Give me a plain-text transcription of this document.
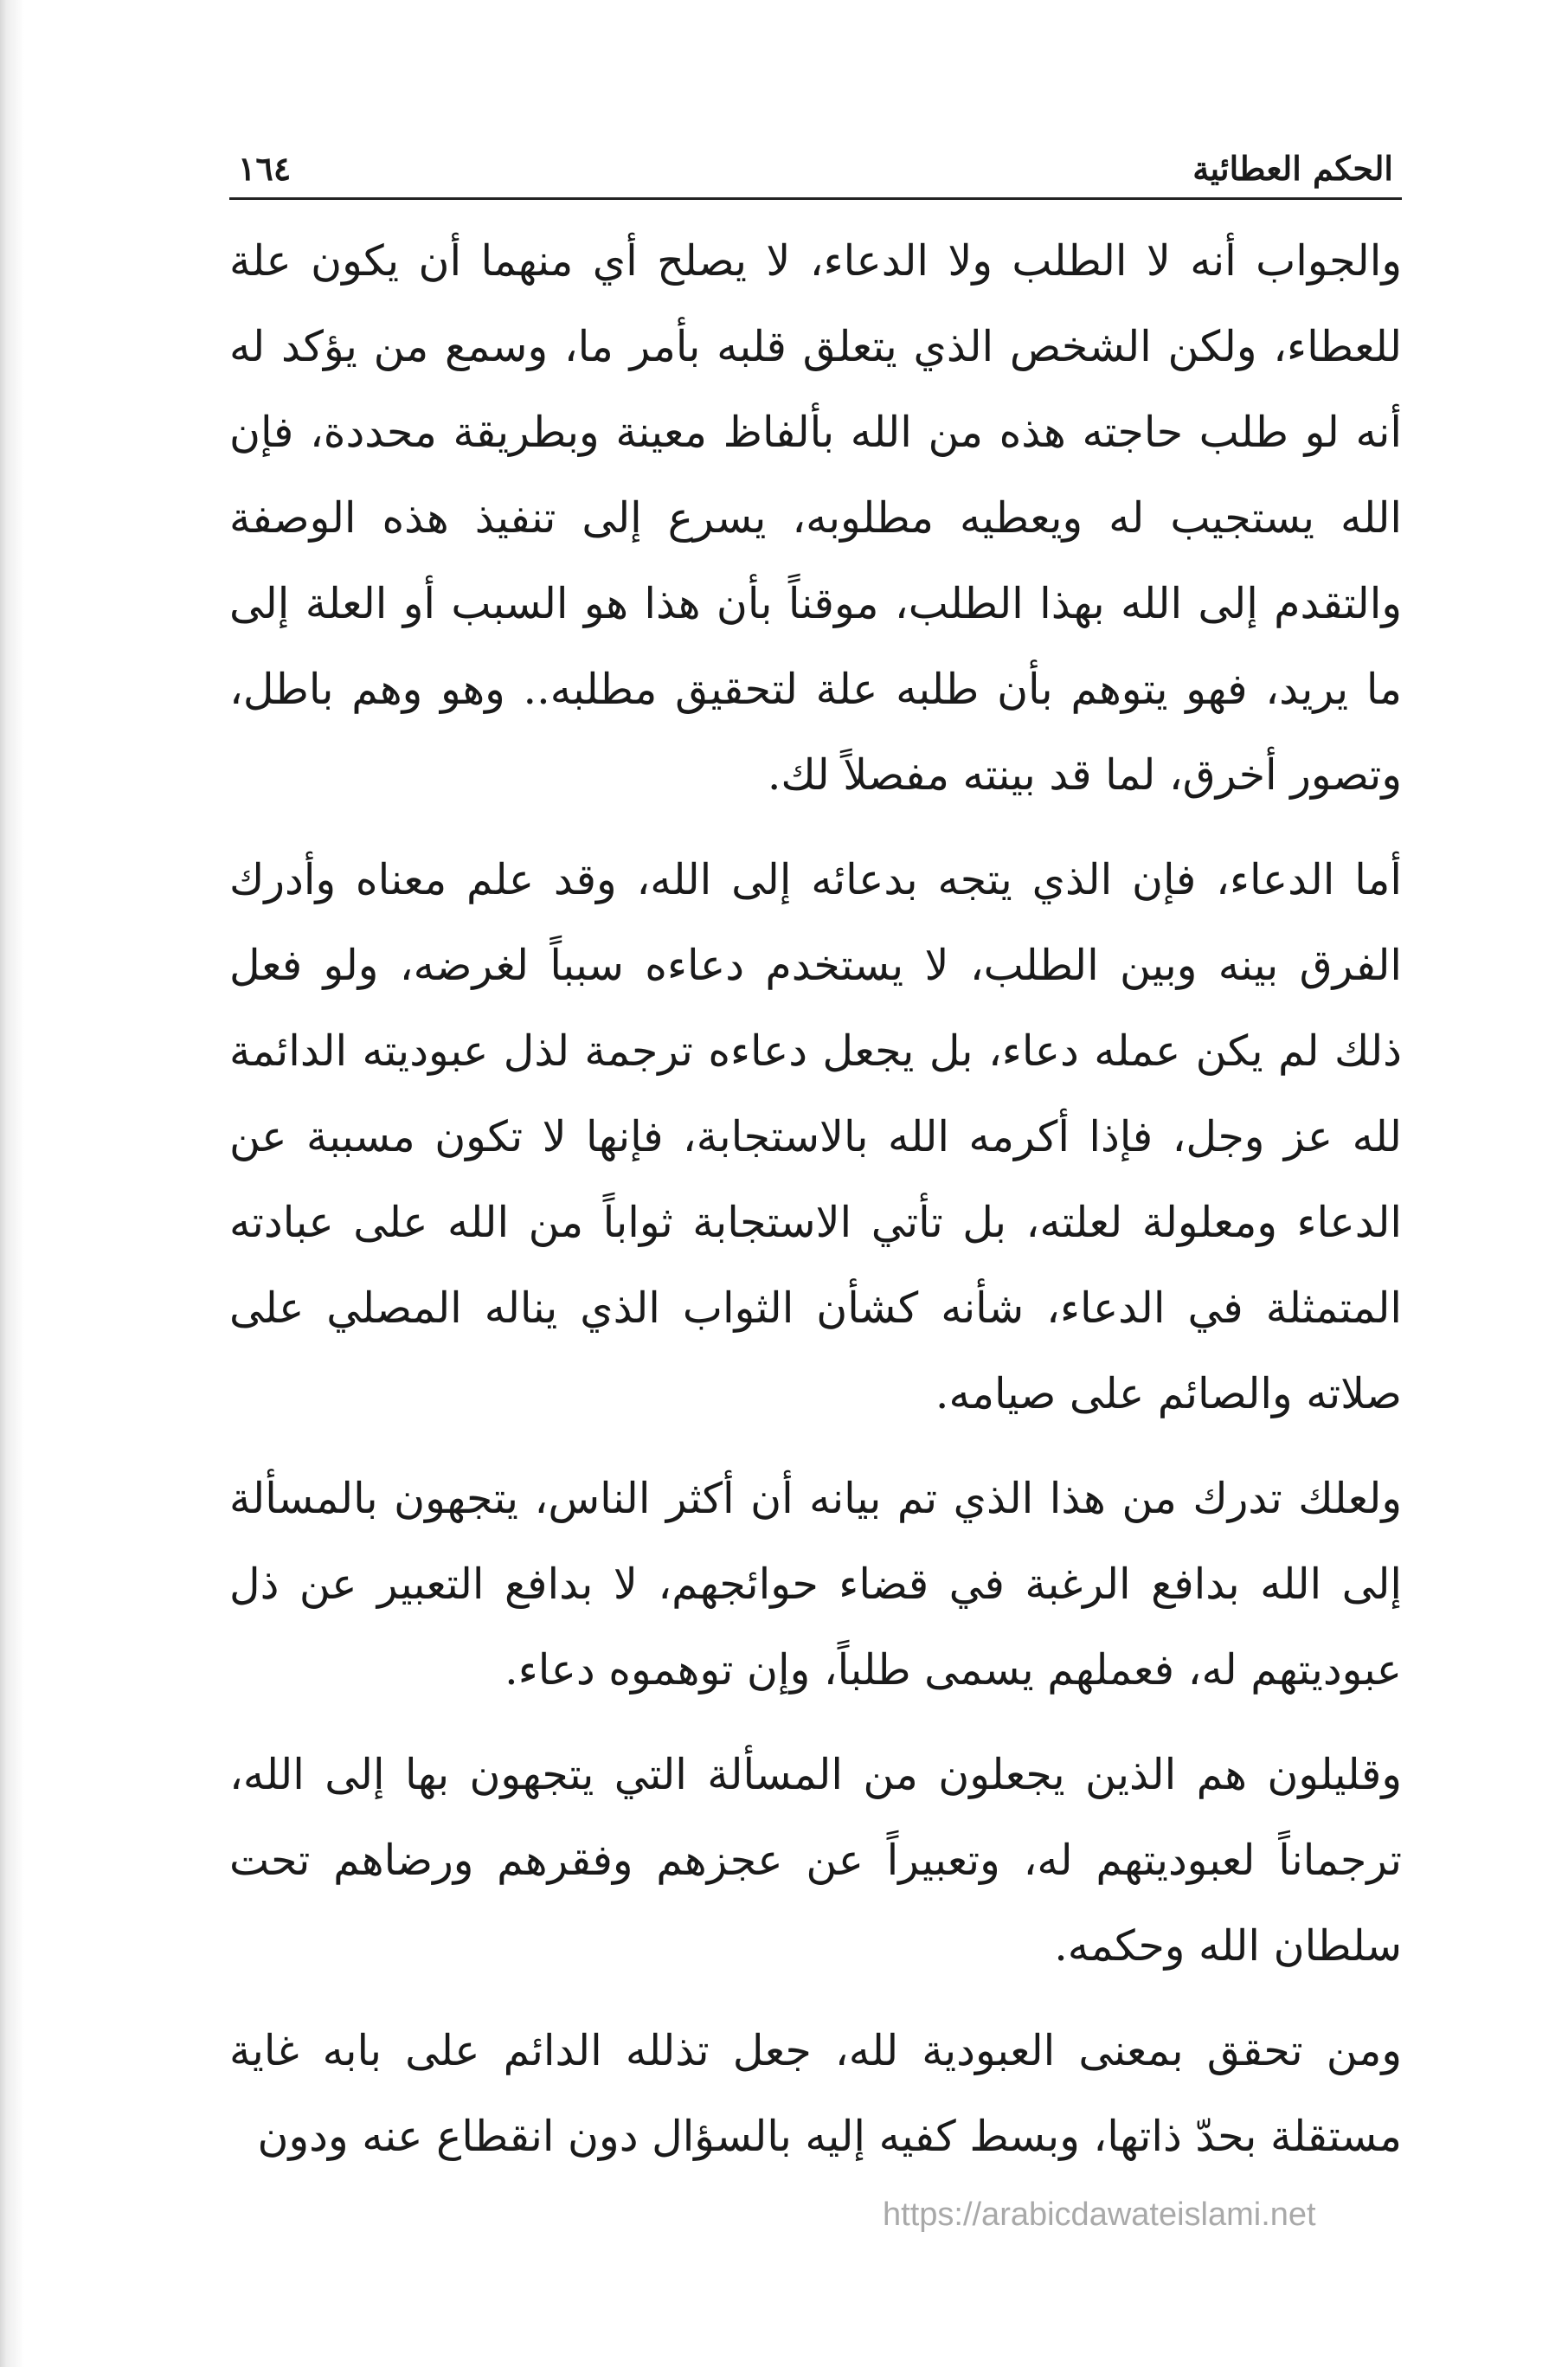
الحكم العطائية
١٦٤

والجواب أنه لا الطلب ولا الدعاء، لا يصلح أي منهما أن يكون علة للعطاء، ولكن الشخص الذي يتعلق قلبه بأمر ما، وسمع من يؤكد له أنه لو طلب حاجته هذه من الله بألفاظ معينة وبطريقة محددة، فإن الله يستجيب له ويعطيه مطلوبه، يسرع إلى تنفيذ هذه الوصفة والتقدم إلى الله بهذا الطلب، موقناً بأن هذا هو السبب أو العلة إلى ما يريد، فهو يتوهم بأن طلبه علة لتحقيق مطلبه.. وهو وهم باطل، وتصور أخرق، لما قد بينته مفصلاً لك.

أما الدعاء، فإن الذي يتجه بدعائه إلى الله، وقد علم معناه وأدرك الفرق بينه وبين الطلب، لا يستخدم دعاءه سبباً لغرضه، ولو فعل ذلك لم يكن عمله دعاء، بل يجعل دعاءه ترجمة لذل عبوديته الدائمة لله عز وجل، فإذا أكرمه الله بالاستجابة، فإنها لا تكون مسببة عن الدعاء ومعلولة لعلته، بل تأتي الاستجابة ثواباً من الله على عبادته المتمثلة في الدعاء، شأنه كشأن الثواب الذي يناله المصلي على صلاته والصائم على صيامه.

ولعلك تدرك من هذا الذي تم بيانه أن أكثر الناس، يتجهون بالمسألة إلى الله بدافع الرغبة في قضاء حوائجهم، لا بدافع التعبير عن ذل عبوديتهم له، فعملهم يسمى طلباً، وإن توهموه دعاء.

وقليلون هم الذين يجعلون من المسألة التي يتجهون بها إلى الله، ترجماناً لعبوديتهم له، وتعبيراً عن عجزهم وفقرهم ورضاهم تحت سلطان الله وحكمه.

ومن تحقق بمعنى العبودية لله، جعل تذلله الدائم على بابه غاية مستقلة بحدّ ذاتها، وبسط كفيه إليه بالسؤال دون انقطاع عنه ودون

https://arabicdawateislami.net
